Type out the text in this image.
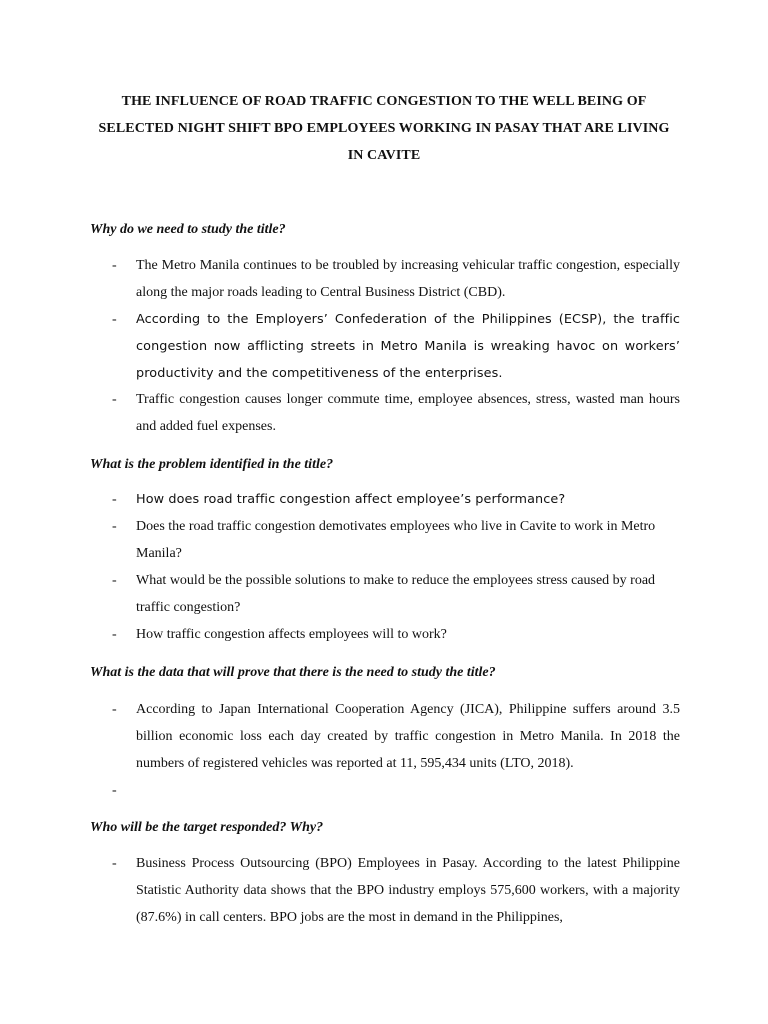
THE INFLUENCE OF ROAD TRAFFIC CONGESTION TO THE WELL BEING OF SELECTED NIGHT SHIFT BPO EMPLOYEES WORKING IN PASAY THAT ARE LIVING IN CAVITE
Why do we need to study the title?
- The Metro Manila continues to be troubled by increasing vehicular traffic congestion, especially along the major roads leading to Central Business District (CBD).
- According to the Employers’ Confederation of the Philippines (ECSP), the traffic congestion now afflicting streets in Metro Manila is wreaking havoc on workers’ productivity and the competitiveness of the enterprises.
- Traffic congestion causes longer commute time, employee absences, stress, wasted man hours and added fuel expenses.
What is the problem identified in the title?
- How does road traffic congestion affect employee’s performance?
- Does the road traffic congestion demotivates employees who live in Cavite to work in Metro Manila?
- What would be the possible solutions to make to reduce the employees stress caused by road traffic congestion?
- How traffic congestion affects employees will to work?
What is the data that will prove that there is the need to study the title?
- According to Japan International Cooperation Agency (JICA), Philippine suffers around 3.5 billion economic loss each day created by traffic congestion in Metro Manila. In 2018 the numbers of registered vehicles was reported at 11, 595,434 units (LTO, 2018).
-
Who will be the target responded? Why?
- Business Process Outsourcing (BPO) Employees in Pasay. According to the latest Philippine Statistic Authority data shows that the BPO industry employs 575,600 workers, with a majority (87.6%) in call centers. BPO jobs are the most in demand in the Philippines,
